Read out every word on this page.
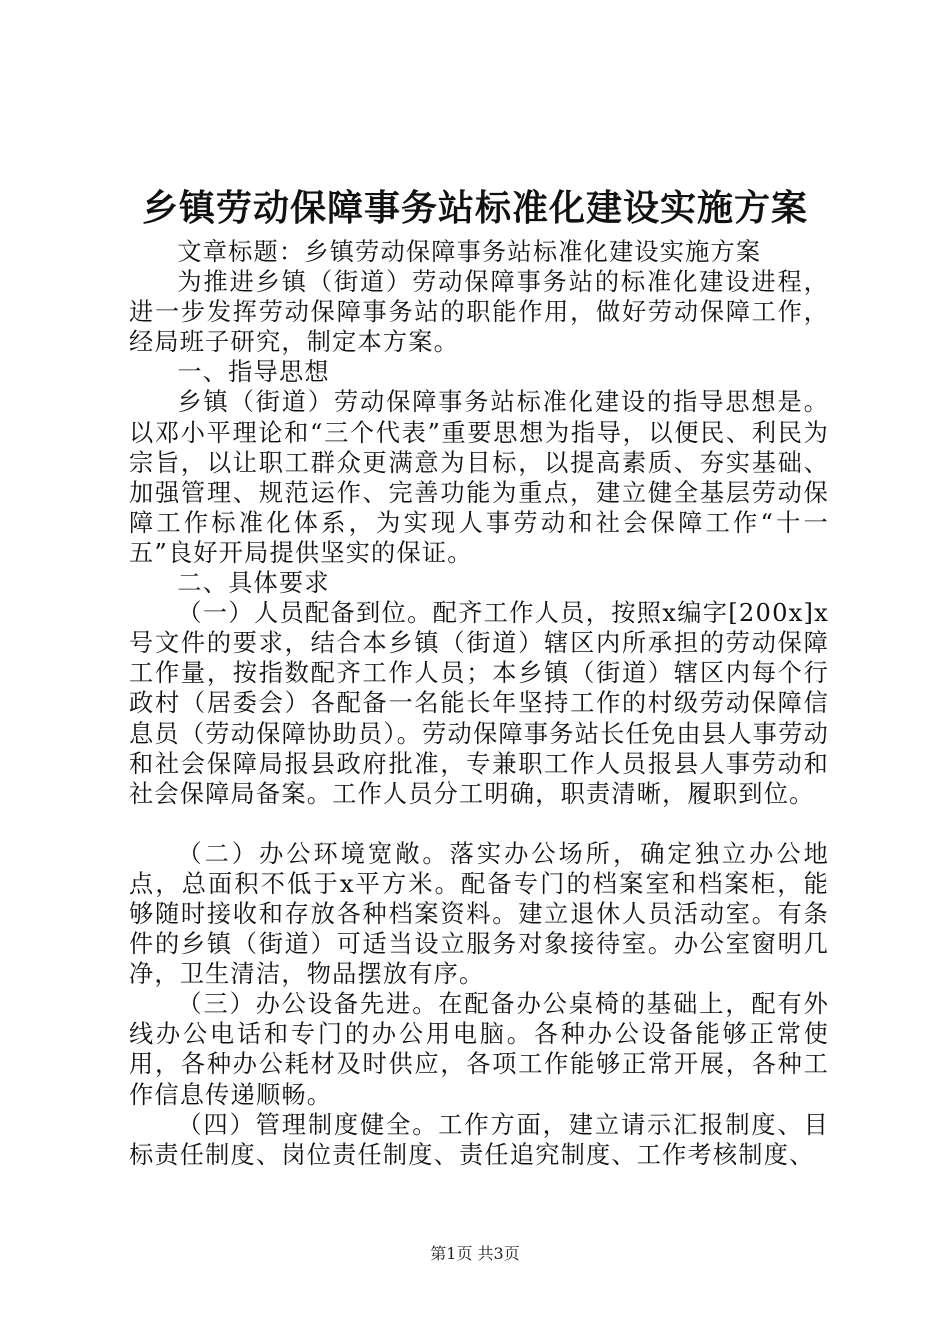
乡镇劳动保障事务站标准化建设实施方案

文章标题：乡镇劳动保障事务站标准化建设实施方案

为推进乡镇（街道）劳动保障事务站的标准化建设进程，进一步发挥劳动保障事务站的职能作用，做好劳动保障工作，经局班子研究，制定本方案。

一、指导思想

乡镇（街道）劳动保障事务站标准化建设的指导思想是。以邓小平理论和“三个代表”重要思想为指导，以便民、利民为宗旨，以让职工群众更满意为目标，以提高素质、夯实基础、加强管理、规范运作、完善功能为重点，建立健全基层劳动保障工作标准化体系，为实现人事劳动和社会保障工作“十一五”良好开局提供坚实的保证。

二、具体要求

（一）人员配备到位。配齐工作人员，按照x编字[200x]x号文件的要求，结合本乡镇（街道）辖区内所承担的劳动保障工作量，按指数配齐工作人员；本乡镇（街道）辖区内每个行政村（居委会）各配备一名能长年坚持工作的村级劳动保障信息员（劳动保障协助员）。劳动保障事务站长任免由县人事劳动和社会保障局报县政府批准，专兼职工作人员报县人事劳动和社会保障局备案。工作人员分工明确，职责清晰，履职到位。

（二）办公环境宽敞。落实办公场所，确定独立办公地点，总面积不低于x平方米。配备专门的档案室和档案柜，能够随时接收和存放各种档案资料。建立退休人员活动室。有条件的乡镇（街道）可适当设立服务对象接待室。办公室窗明几净，卫生清洁，物品摆放有序。

（三）办公设备先进。在配备办公桌椅的基础上，配有外线办公电话和专门的办公用电脑。各种办公设备能够正常使用，各种办公耗材及时供应，各项工作能够正常开展，各种工作信息传递顺畅。

（四）管理制度健全。工作方面，建立请示汇报制度、目标责任制度、岗位责任制度、责任追究制度、工作考核制度、

第1页 共3页
